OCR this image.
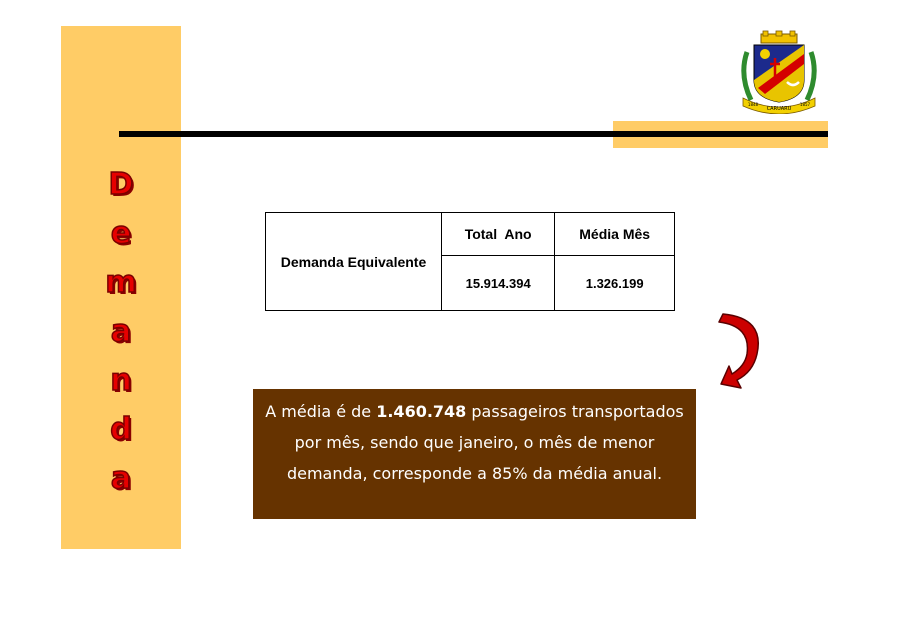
D
e
m
a
n
d
a
CARUARU
1848	1857
Demanda Equivalente	Total  Ano	Média Mês
	15.914.394	1.326.199
A média é de 1.460.748 passageiros transportados por mês, sendo que janeiro, o mês de menor demanda, corresponde a 85% da média anual.
